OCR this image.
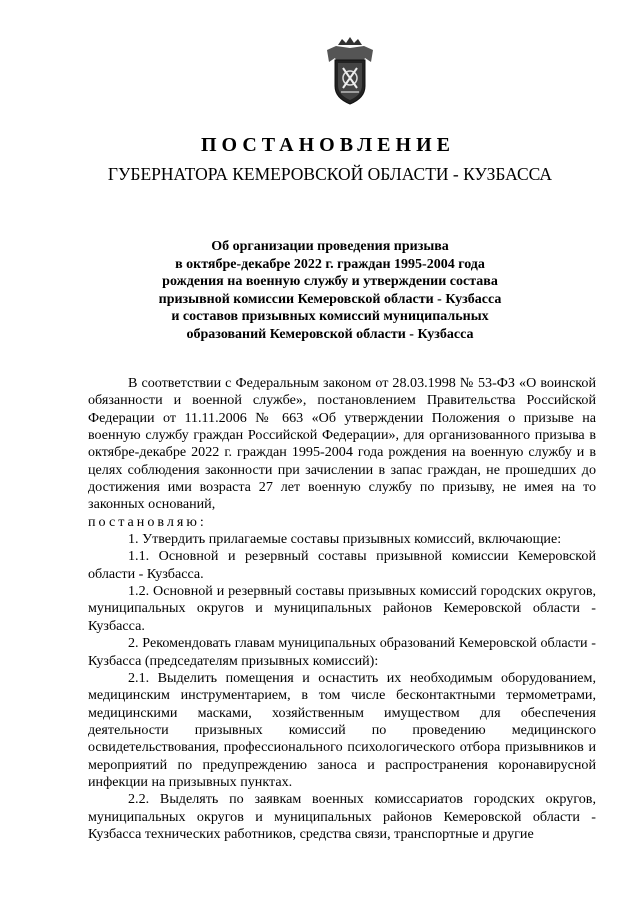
ПОСТАНОВЛЕНИЕ
ГУБЕРНАТОРА КЕМЕРОВСКОЙ ОБЛАСТИ - КУЗБАССА
Об организации проведения призыва
в октябре-декабре 2022 г. граждан 1995-2004 года
рождения на военную службу и утверждении состава
призывной комиссии Кемеровской области - Кузбасса
и составов призывных комиссий муниципальных
образований Кемеровской области - Кузбасса

В соответствии с Федеральным законом от 28.03.1998 № 53-ФЗ «О воинской обязанности и военной службе», постановлением Правительства Российской Федерации от 11.11.2006 № 663 «Об утверждении Положения о призыве на военную службу граждан Российской Федерации», для организованного призыва в октябре-декабре 2022 г. граждан 1995-2004 года рождения на военную службу и в целях соблюдения законности при зачислении в запас граждан, не прошедших до достижения ими возраста 27 лет военную службу по призыву, не имея на то законных оснований,

постановляю:

1. Утвердить прилагаемые составы призывных комиссий, включающие:

1.1. Основной и резервный составы призывной комиссии Кемеровской области - Кузбасса.

1.2. Основной и резервный составы призывных комиссий городских округов, муниципальных округов и муниципальных районов Кемеровской области - Кузбасса.

2. Рекомендовать главам муниципальных образований Кемеровской области - Кузбасса (председателям призывных комиссий):

2.1. Выделить помещения и оснастить их необходимым оборудованием, медицинским инструментарием, в том числе бесконтактными термометрами, медицинскими масками, хозяйственным имуществом для обеспечения деятельности призывных комиссий по проведению медицинского освидетельствования, профессионального психологического отбора призывников и мероприятий по предупреждению заноса и распространения коронавирусной инфекции на призывных пунктах.

2.2. Выделять по заявкам военных комиссариатов городских округов, муниципальных округов и муниципальных районов Кемеровской области - Кузбасса технических работников, средства связи, транспортные и другие
